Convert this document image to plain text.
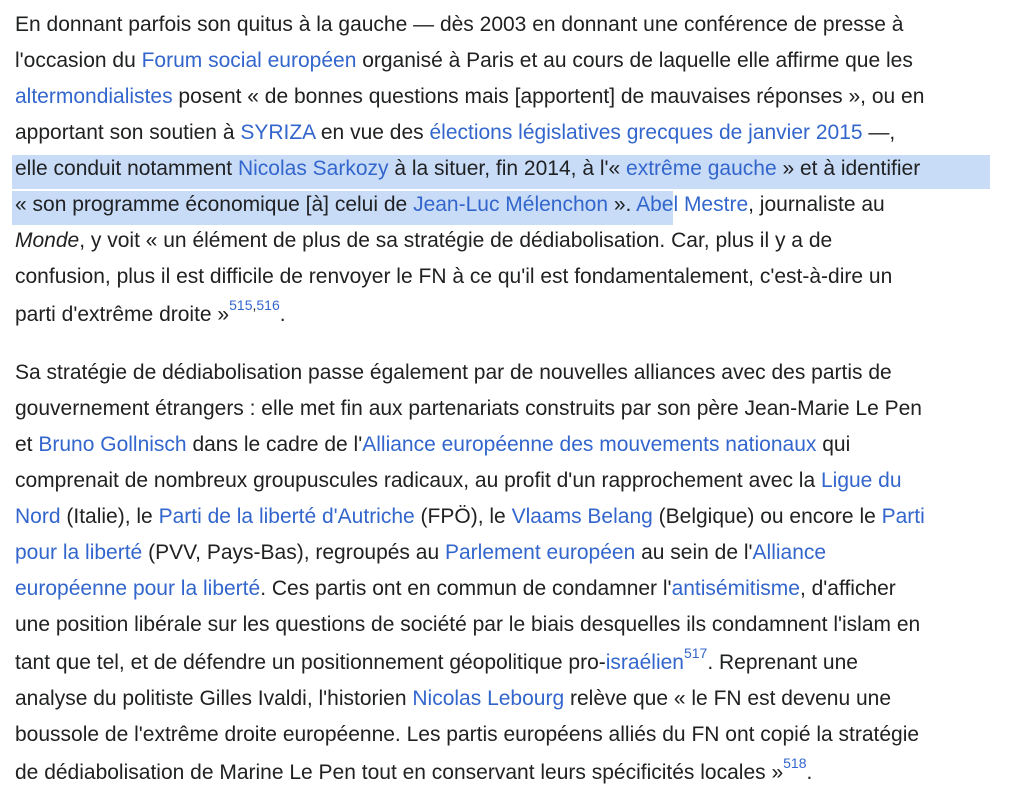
En donnant parfois son quitus à la gauche — dès 2003 en donnant une conférence de presse à
l'occasion du Forum social européen organisé à Paris et au cours de laquelle elle affirme que les
altermondialistes posent « de bonnes questions mais [apportent] de mauvaises réponses », ou en
apportant son soutien à SYRIZA en vue des élections législatives grecques de janvier 2015 —,
elle conduit notamment Nicolas Sarkozy à la situer, fin 2014, à l'« extrême gauche » et à identifier
« son programme économique [à] celui de Jean-Luc Mélenchon ». Abel Mestre, journaliste au
Monde, y voit « un élément de plus de sa stratégie de dédiabolisation. Car, plus il y a de
confusion, plus il est difficile de renvoyer le FN à ce qu'il est fondamentalement, c'est-à-dire un
parti d'extrême droite »$^{515,516}$.
Sa stratégie de dédiabolisation passe également par de nouvelles alliances avec des partis de
gouvernement étrangers : elle met fin aux partenariats construits par son père Jean-Marie Le Pen
et Bruno Gollnisch dans le cadre de l'Alliance européenne des mouvements nationaux qui
comprenait de nombreux groupuscules radicaux, au profit d'un rapprochement avec la Ligue du
Nord (Italie), le Parti de la liberté d'Autriche (FPÖ), le Vlaams Belang (Belgique) ou encore le Parti
pour la liberté (PVV, Pays-Bas), regroupés au Parlement européen au sein de l'Alliance
européenne pour la liberté. Ces partis ont en commun de condamner l'antisémitisme, d'afficher
une position libérale sur les questions de société par le biais desquelles ils condamnent l'islam en
tant que tel, et de défendre un positionnement géopolitique pro-israélien$^{517}$. Reprenant une
analyse du politiste Gilles Ivaldi, l'historien Nicolas Lebourg relève que « le FN est devenu une
boussole de l'extrême droite européenne. Les partis européens alliés du FN ont copié la stratégie
de dédiabolisation de Marine Le Pen tout en conservant leurs spécificités locales »$^{518}$.
